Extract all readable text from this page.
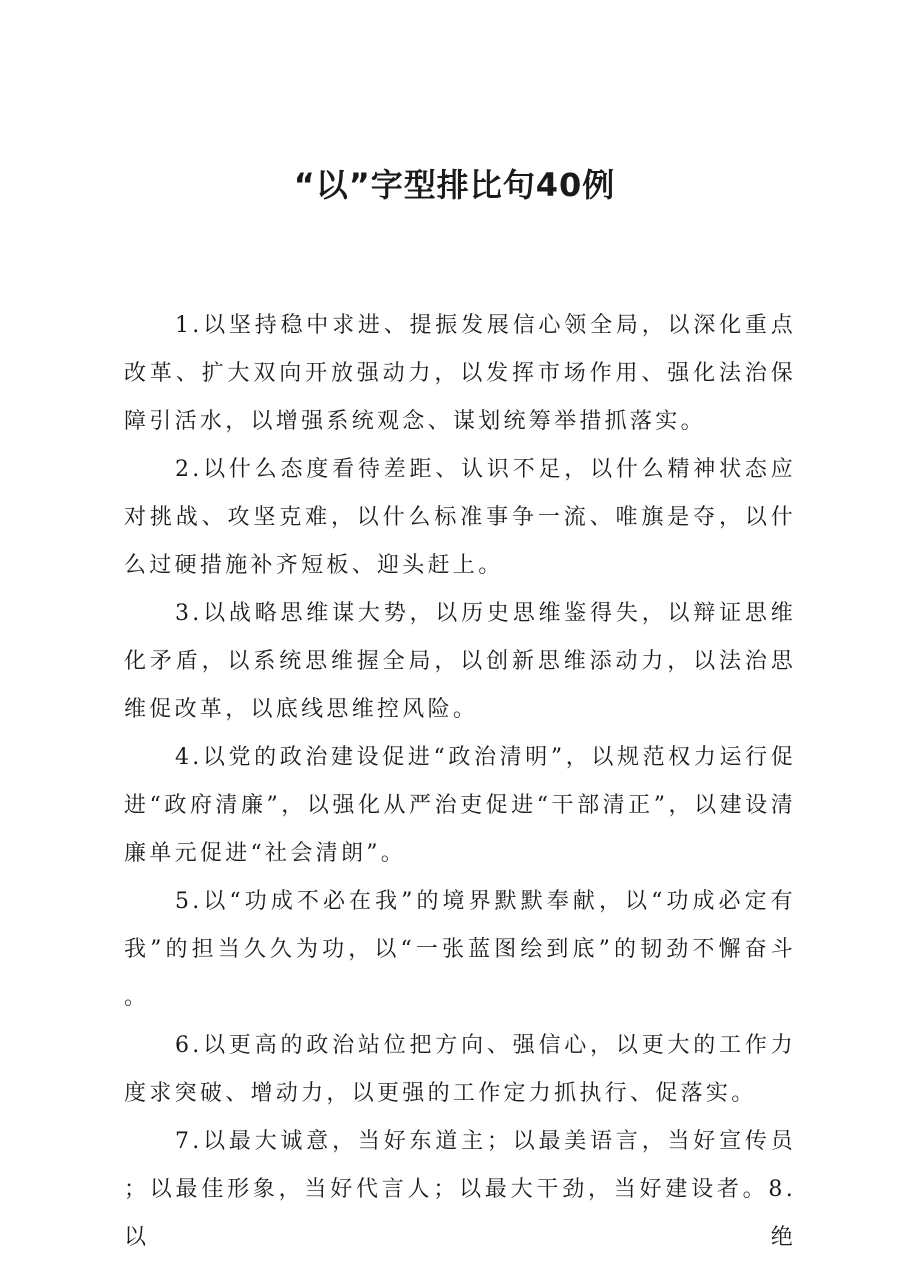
“以”字型排比句40例

1.以坚持稳中求进、提振发展信心领全局，以深化重点改革、扩大双向开放强动力，以发挥市场作用、强化法治保障引活水，以增强系统观念、谋划统筹举措抓落实。

2.以什么态度看待差距、认识不足，以什么精神状态应对挑战、攻坚克难，以什么标准事争一流、唯旗是夺，以什么过硬措施补齐短板、迎头赶上。

3.以战略思维谋大势，以历史思维鉴得失，以辩证思维化矛盾，以系统思维握全局，以创新思维添动力，以法治思维促改革，以底线思维控风险。

4.以党的政治建设促进“政治清明”，以规范权力运行促进“政府清廉”，以强化从严治吏促进“干部清正”，以建设清廉单元促进“社会清朗”。

5.以“功成不必在我”的境界默默奉献，以“功成必定有我”的担当久久为功，以“一张蓝图绘到底”的韧劲不懈奋斗。

6.以更高的政治站位把方向、强信心，以更大的工作力度求突破、增动力，以更强的工作定力抓执行、促落实。

7.以最大诚意，当好东道主；以最美语言，当好宣传员；以最佳形象，当好代言人；以最大干劲，当好建设者。8.以绝
